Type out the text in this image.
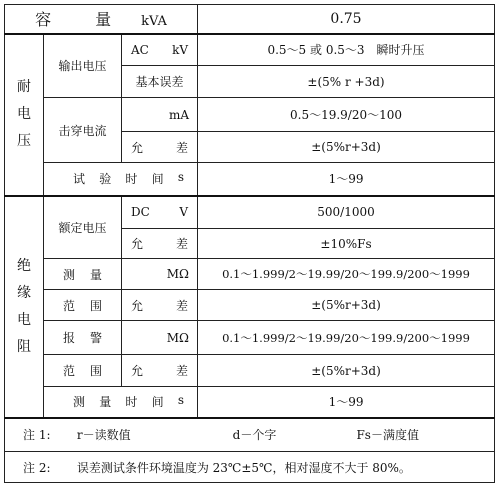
容 量 kVA			0.75

耐
电
压	输出电压	AC kV	0.5～5 或 0.5～3　瞬时升压
		基本误差	±(5% r +3d)
	击穿电流	mA	0.5～19.9/20～100

		允 差	±(5%r+3d)

	试 验 时 间 s		1～99

绝
缘
电
阻	额定电压	DC V	500/1000

		允 差	±10%Fs

	测 量	MΩ	0.1～1.999/2～19.99/20～199.9/200～1999

	范 围	允 差	±(5%r+3d)

	报 警	MΩ	0.1～1.999/2～19.99/20～199.9/200～1999

	范 围	允 差	±(5%r+3d)

	测 量 时 间 s		1～99
注 1: r－读数值 d－个字 Fs－满度值			
注 2: 误差测试条件环境温度为 23℃±5℃，相对湿度不大于 80%。			
